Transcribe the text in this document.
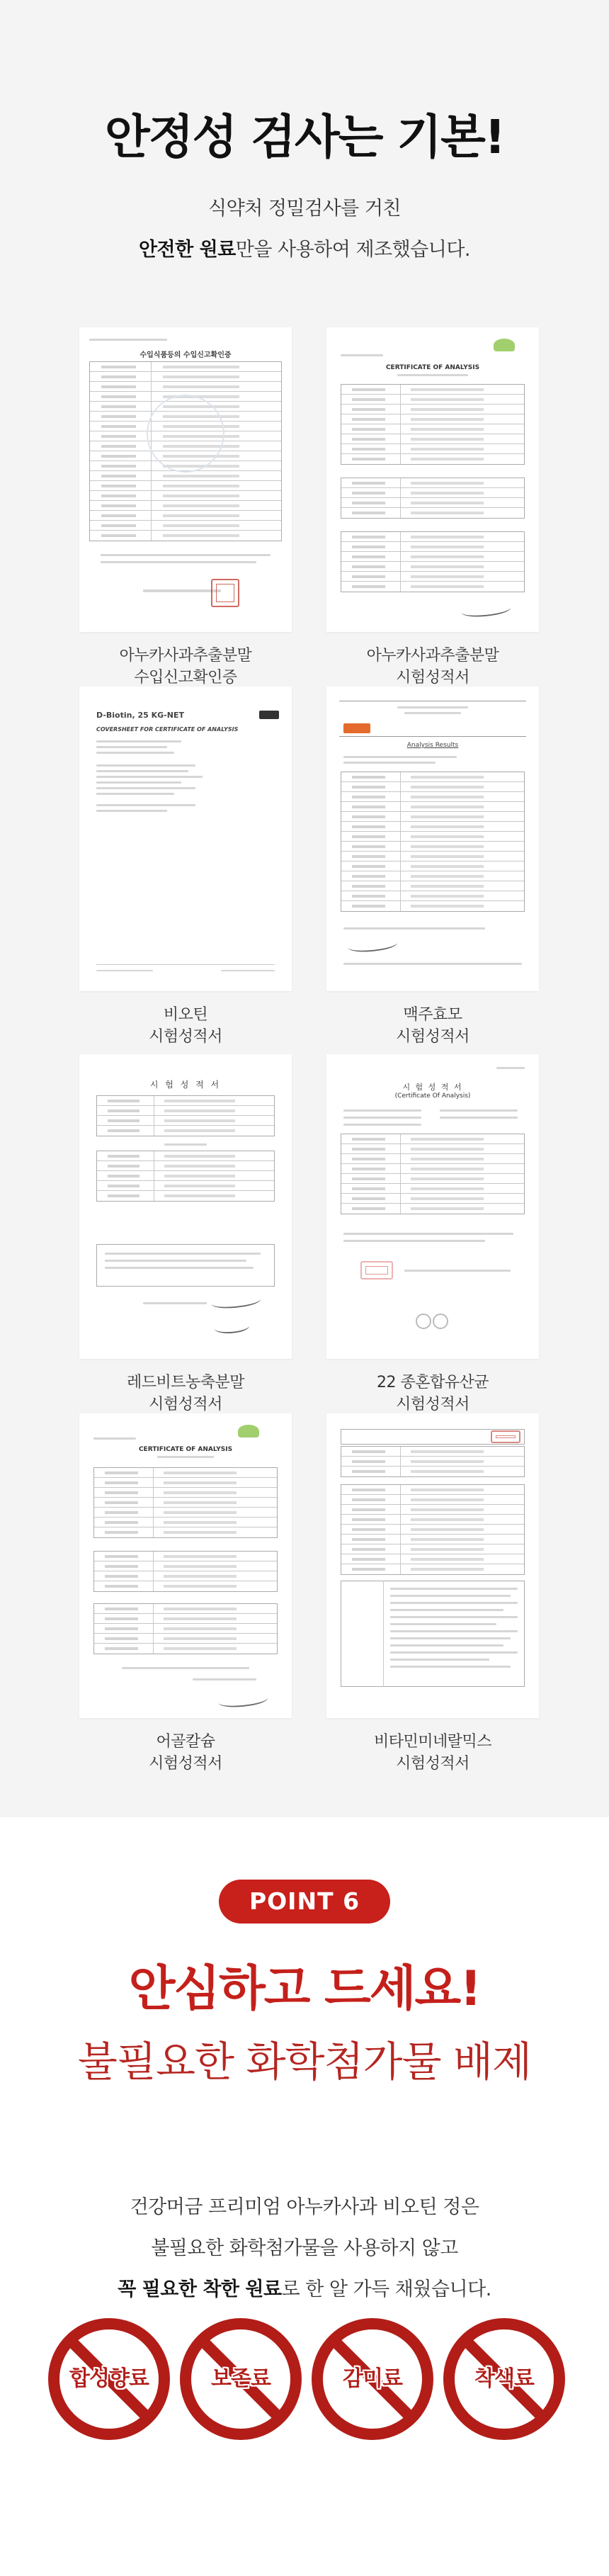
안정성 검사는 기본!

식약처 정밀검사를 거친

안전한 원료만을 사용하여 제조했습니다.

수입식품등의 수입신고확인증
아누카사과추출분말
수입신고확인증
CERTIFICATE OF ANALYSIS
아누카사과추출분말
시험성적서
D-Biotin, 25 KG-NET
COVERSHEET FOR CERTIFICATE OF ANALYSIS
비오틴
시험성적서
Analysis Results
맥주효모
시험성적서
시 험 성 적 서
레드비트농축분말
시험성적서
시 험 성 적 서
(Certificate Of Analysis)
22 종혼합유산균
시험성적서
CERTIFICATE OF ANALYSIS
어골칼슘
시험성적서
비타민미네랄믹스
시험성적서
POINT 6
안심하고 드세요!

불필요한 화학첨가물 배제

건강머금 프리미엄 아누카사과 비오틴 정은

불필요한 화학첨가물을 사용하지 않고

꼭 필요한 착한 원료로 한 알 가득 채웠습니다.

합성향료	보존료	감미료	착색료
